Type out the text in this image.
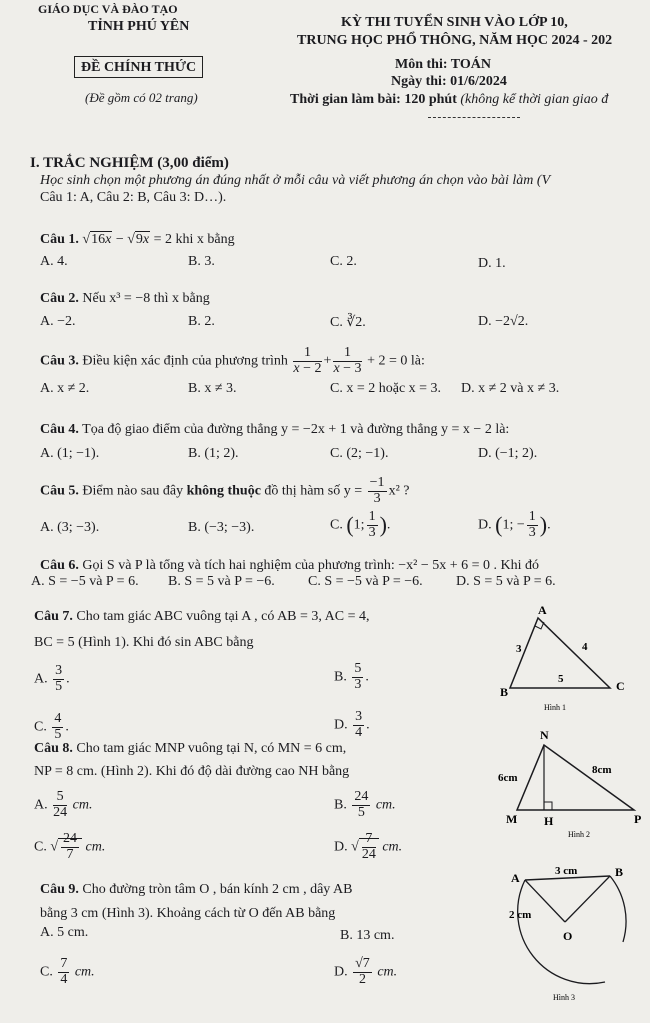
GIÁO DỤC VÀ ĐÀO TẠO
TỈNH PHÚ YÊN
ĐỀ CHÍNH THỨC
(Đề gồm có 02 trang)
KỲ THI TUYỂN SINH VÀO LỚP 10,
TRUNG HỌC PHỔ THÔNG, NĂM HỌC 2024 - 202
Môn thi: TOÁN
Ngày thi: 01/6/2024
Thời gian làm bài: 120 phút (không kể thời gian giao đ
I. TRẮC NGHIỆM (3,00 điểm)
Học sinh chọn một phương án đúng nhất ở mỗi câu và viết phương án chọn vào bài làm (V
Câu 1: A, Câu 2: B, Câu 3: D…).
Câu 1. √16x − √9x = 2 khi x bằng
A. 4.	B. 3.	C. 2.	D. 1.
Câu 2. Nếu x³ = −8 thì x bằng
A. −2.	B. 2.	C. ∛2.	D. −2√2.
Câu 3. Điều kiện xác định của phương trình $\frac{1}{x - 2} + \frac{1}{x - 3} + 2 = 0$ là:
A. x ≠ 2.	B. x ≠ 3.	C. x = 2 hoặc x = 3. D. x ≠ 2 và x ≠ 3.
Câu 4. Tọa độ giao điểm của đường thẳng y = −2x + 1 và đường thẳng y = x − 2 là:
A. (1; −1).	B. (1; 2).	C. (2; −1).	D. (−1; 2).
Câu 5. Điểm nào sau đây không thuộc đồ thị hàm số $y = \frac{-1}{3} x^2$ ?
A. (3; −3).	B. (−3; −3).	C. (1; $\frac{1}{3}$ ).	D. (1; − $\frac{1}{3}$ ).
Câu 6. Gọi S và P là tổng và tích hai nghiệm của phương trình: −x² − 5x + 6 = 0 . Khi đó
A. S = −5 và P = 6. B. S = 5 và P = −6. C. S = −5 và P = −6. D. S = 5 và P = 6.
Câu 7. Cho tam giác ABC vuông tại A , có AB = 3, AC = 4,
BC = 5 (Hình 1). Khi đó sin ABC bằng
A. $\frac{3}{5}$ .	B. $\frac{5}{3}$ .
C. $\frac{4}{5}$ .	D. $\frac{3}{4}$ .
Câu 8. Cho tam giác MNP vuông tại N, có MN = 6 cm,
NP = 8 cm. (Hình 2). Khi đó độ dài đường cao NH bằng
A. $\frac{5}{24}$ cm.	B. $\frac{24}{5}$ cm.
C. √ $\frac{24}{7}$ cm.	D. √ $\frac{7}{24}$ cm.
Câu 9. Cho đường tròn tâm O , bán kính 2 cm , dây AB
bằng 3 cm (Hình 3). Khoảng cách từ O đến AB bằng
A. 5 cm.	B. 13 cm.
C. $\frac{7}{4}$ cm.	D. $\frac{√7}{2}$ cm.
A
B	C
3	4
5
Hình 1
N
M H	P
6cm
8cm
Hình 2
A	B
O
3 cm
2 cm
Hình 3
